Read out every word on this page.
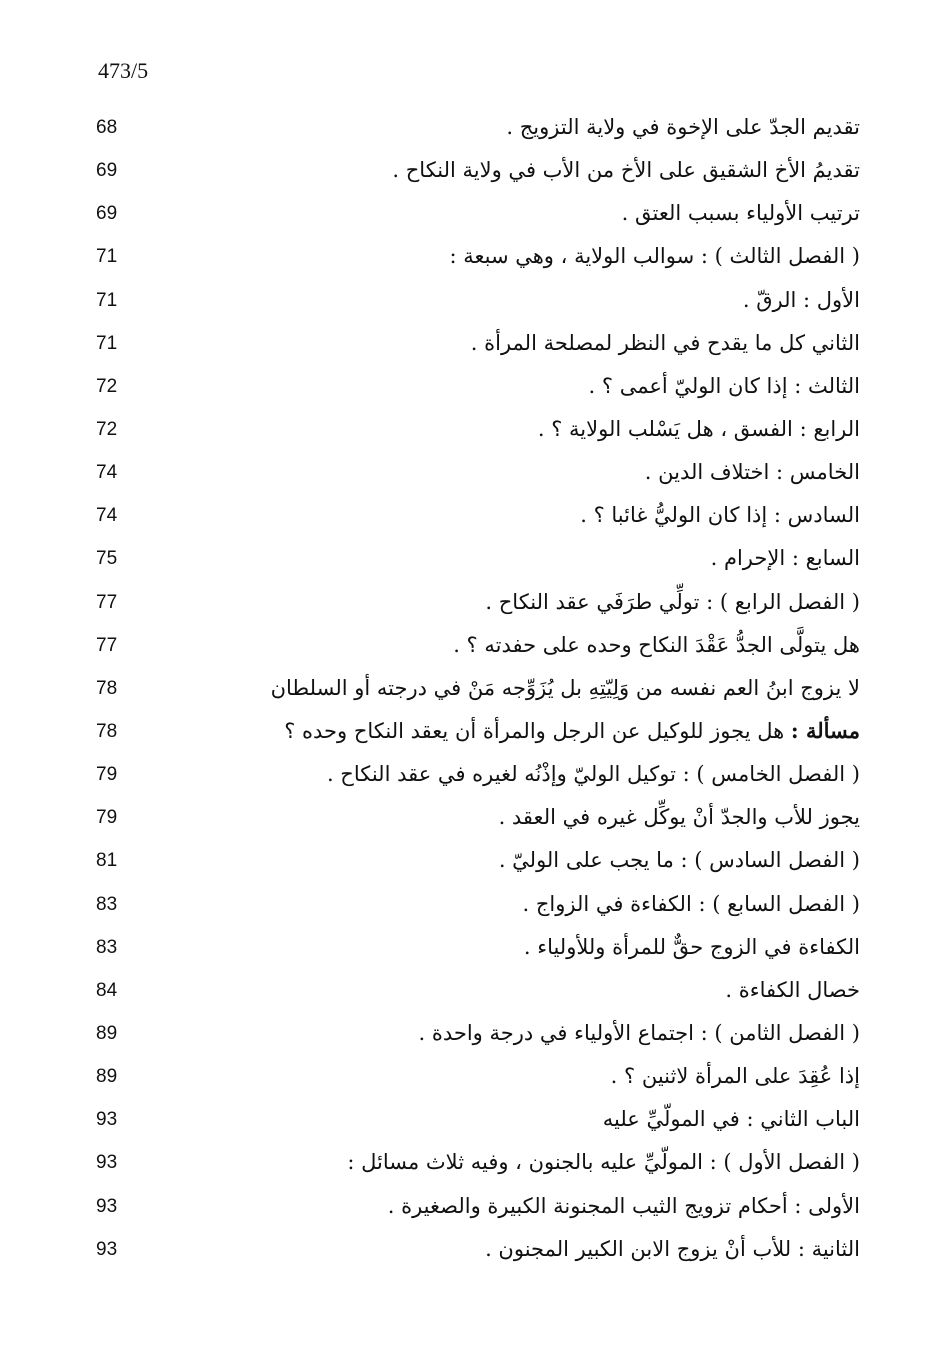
473/5
68	تقديم الجدّ على الإخوة في ولاية التزويج .
69	تقديمُ الأخ الشقيق على الأخ من الأب في ولاية النكاح .
69	ترتيب الأولياء بسبب العتق .
71	( الفصل الثالث ) : سوالب الولاية ، وهي سبعة :
71	الأول : الرقّ .
71	الثاني كل ما يقدح في النظر لمصلحة المرأة .
72	الثالث : إذا كان الوليّ أعمى ؟ .
72	الرابع : الفسق ، هل يَسْلب الولاية ؟ .
74	الخامس : اختلاف الدين .
74	السادس : إذا كان الوليُّ غائبا ؟ .
75	السابع : الإحرام .
77	( الفصل الرابع ) : تولِّي طرَفَي عقد النكاح .
77	هل يتولَّى الجدُّ عَقْدَ النكاح وحده على حفدته ؟ .
78	لا يزوج ابنُ العم نفسه من وَلِيّتِهِ بل يُزَوِّجه مَنْ في درجته أو السلطان
78	مسألة : هل يجوز للوكيل عن الرجل والمرأة أن يعقد النكاح وحده ؟
79	( الفصل الخامس ) : توكيل الوليّ وإذْنُه لغيره في عقد النكاح .
79	يجوز للأب والجدّ أنْ يوكِّل غيره في العقد .
81	( الفصل السادس ) : ما يجب على الوليّ .
83	( الفصل السابع ) : الكفاءة في الزواج .
83	الكفاءة في الزوج حقٌّ للمرأة وللأولياء .
84	خصال الكفاءة .
89	( الفصل الثامن ) : اجتماع الأولياء في درجة واحدة .
89	إذا عُقِدَ على المرأة لاثنين ؟ .
93	الباب الثاني : في المولّيِّ عليه
93	( الفصل الأول ) : المولّيِّ عليه بالجنون ، وفيه ثلاث مسائل :
93	الأولى : أحكام تزويج الثيب المجنونة الكبيرة والصغيرة .
93	الثانية : للأب أنْ يزوج الابن الكبير المجنون .
